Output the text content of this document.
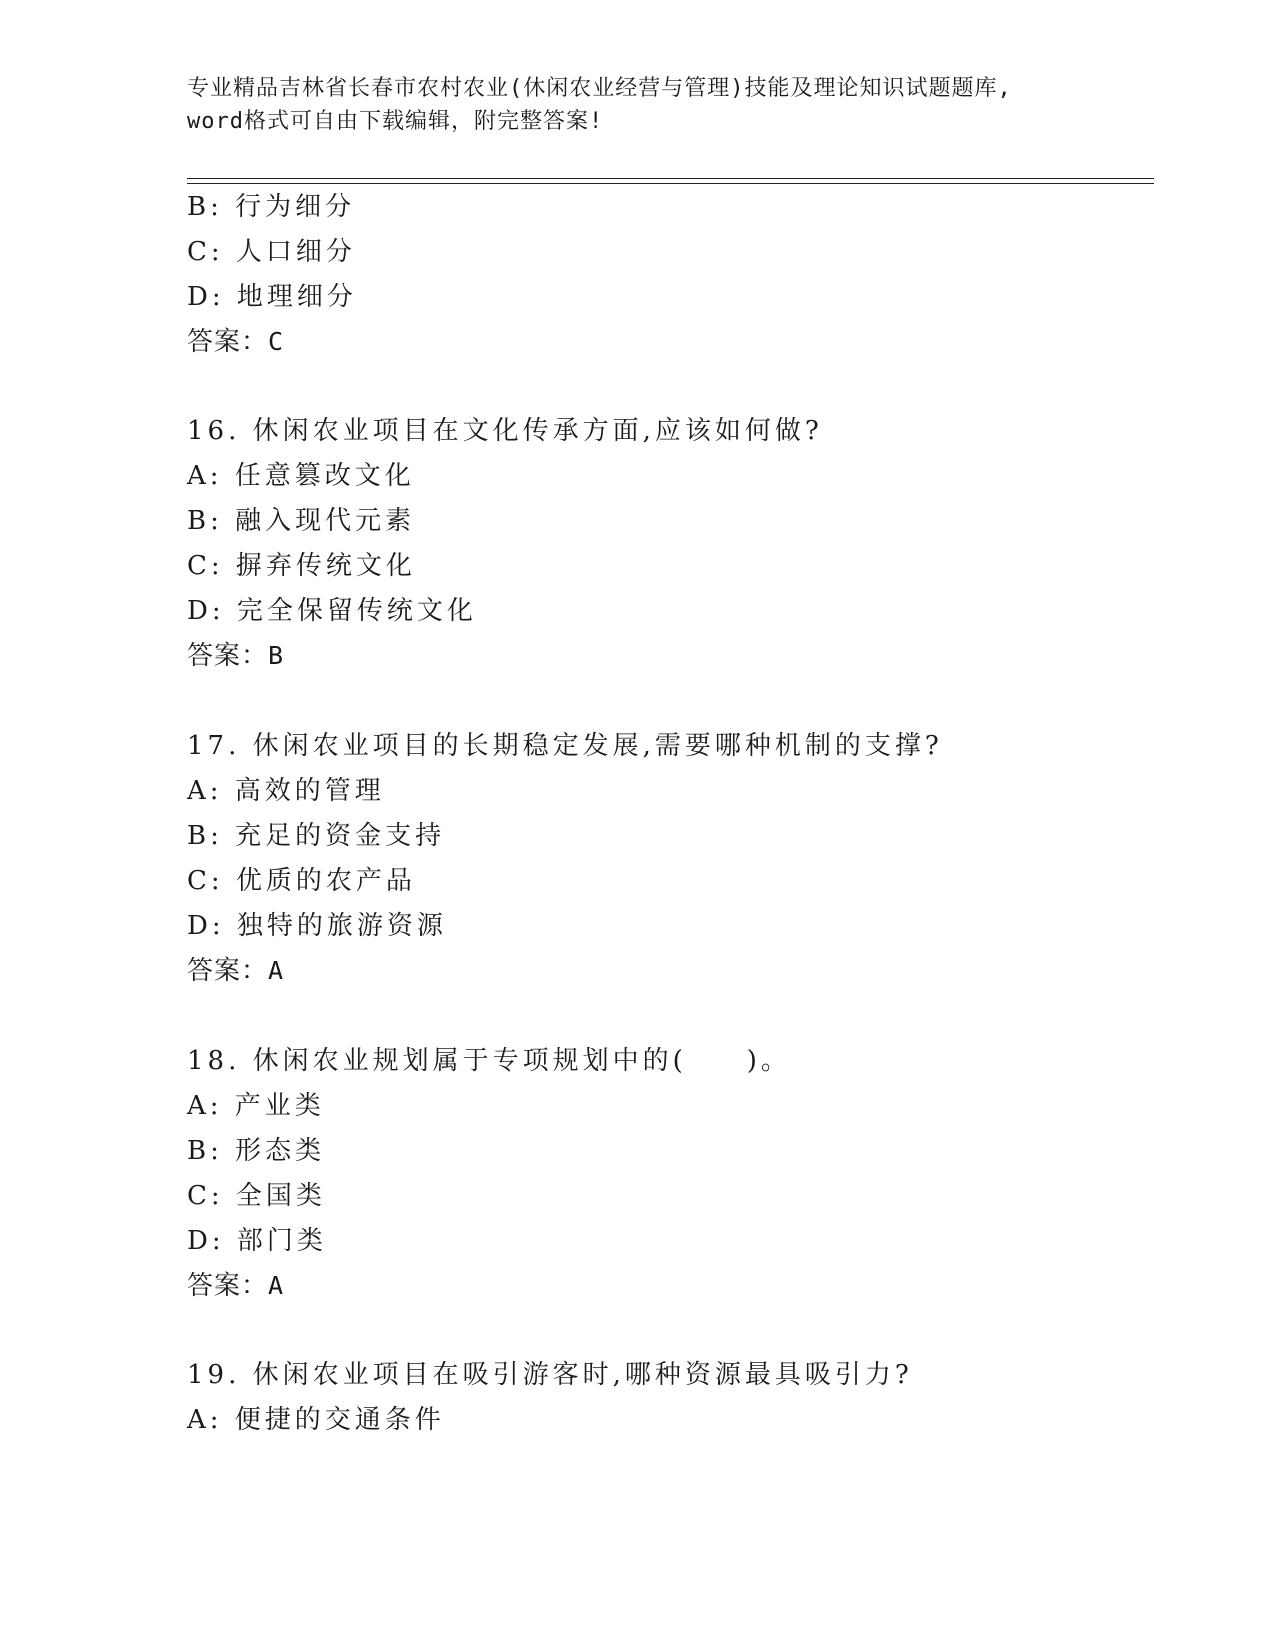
专业精品吉林省长春市农村农业(休闲农业经营与管理)技能及理论知识试题题库,
word格式可自由下载编辑，附完整答案!
B: 行为细分
C: 人口细分
D: 地理细分
答案：C
16. 休闲农业项目在文化传承方面,应该如何做?
A: 任意篡改文化
B: 融入现代元素
C: 摒弃传统文化
D: 完全保留传统文化
答案：B
17. 休闲农业项目的长期稳定发展,需要哪种机制的支撑?
A: 高效的管理
B: 充足的资金支持
C: 优质的农产品
D: 独特的旅游资源
答案：A
18. 休闲农业规划属于专项规划中的(　　)。
A: 产业类
B: 形态类
C: 全国类
D: 部门类
答案：A
19. 休闲农业项目在吸引游客时,哪种资源最具吸引力?
A: 便捷的交通条件
